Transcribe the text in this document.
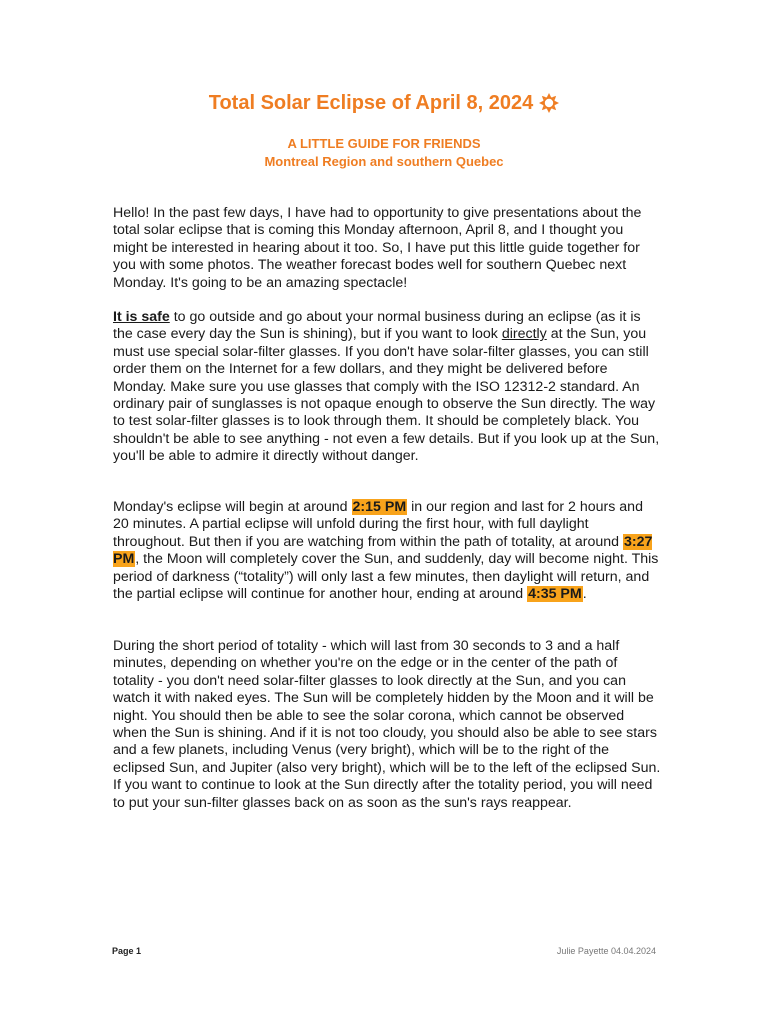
Total Solar Eclipse of April 8, 2024
A LITTLE GUIDE FOR FRIENDS
Montreal Region and southern Quebec

Hello! In the past few days, I have had to opportunity to give presentations about the total solar eclipse that is coming this Monday afternoon, April 8, and I thought you might be interested in hearing about it too. So, I have put this little guide together for you with some photos. The weather forecast bodes well for southern Quebec next Monday. It's going to be an amazing spectacle!

It is safe to go outside and go about your normal business during an eclipse (as it is the case every day the Sun is shining), but if you want to look directly at the Sun, you must use special solar-filter glasses. If you don't have solar-filter glasses, you can still order them on the Internet for a few dollars, and they might be delivered before Monday. Make sure you use glasses that comply with the ISO 12312-2 standard. An ordinary pair of sunglasses is not opaque enough to observe the Sun directly. The way to test solar-filter glasses is to look through them. It should be completely black. You shouldn't be able to see anything - not even a few details. But if you look up at the Sun, you'll be able to admire it directly without danger.

Monday's eclipse will begin at around 2:15 PM in our region and last for 2 hours and 20 minutes. A partial eclipse will unfold during the first hour, with full daylight throughout. But then if you are watching from within the path of totality, at around 3:27 PM, the Moon will completely cover the Sun, and suddenly, day will become night. This period of darkness (“totality”) will only last a few minutes, then daylight will return, and the partial eclipse will continue for another hour, ending at around 4:35 PM.

During the short period of totality - which will last from 30 seconds to 3 and a half minutes, depending on whether you're on the edge or in the center of the path of totality - you don't need solar-filter glasses to look directly at the Sun, and you can watch it with naked eyes. The Sun will be completely hidden by the Moon and it will be night. You should then be able to see the solar corona, which cannot be observed when the Sun is shining. And if it is not too cloudy, you should also be able to see stars and a few planets, including Venus (very bright), which will be to the right of the eclipsed Sun, and Jupiter (also very bright), which will be to the left of the eclipsed Sun. If you want to continue to look at the Sun directly after the totality period, you will need to put your sun-filter glasses back on as soon as the sun's rays reappear.

Page 1	Julie Payette 04.04.2024
